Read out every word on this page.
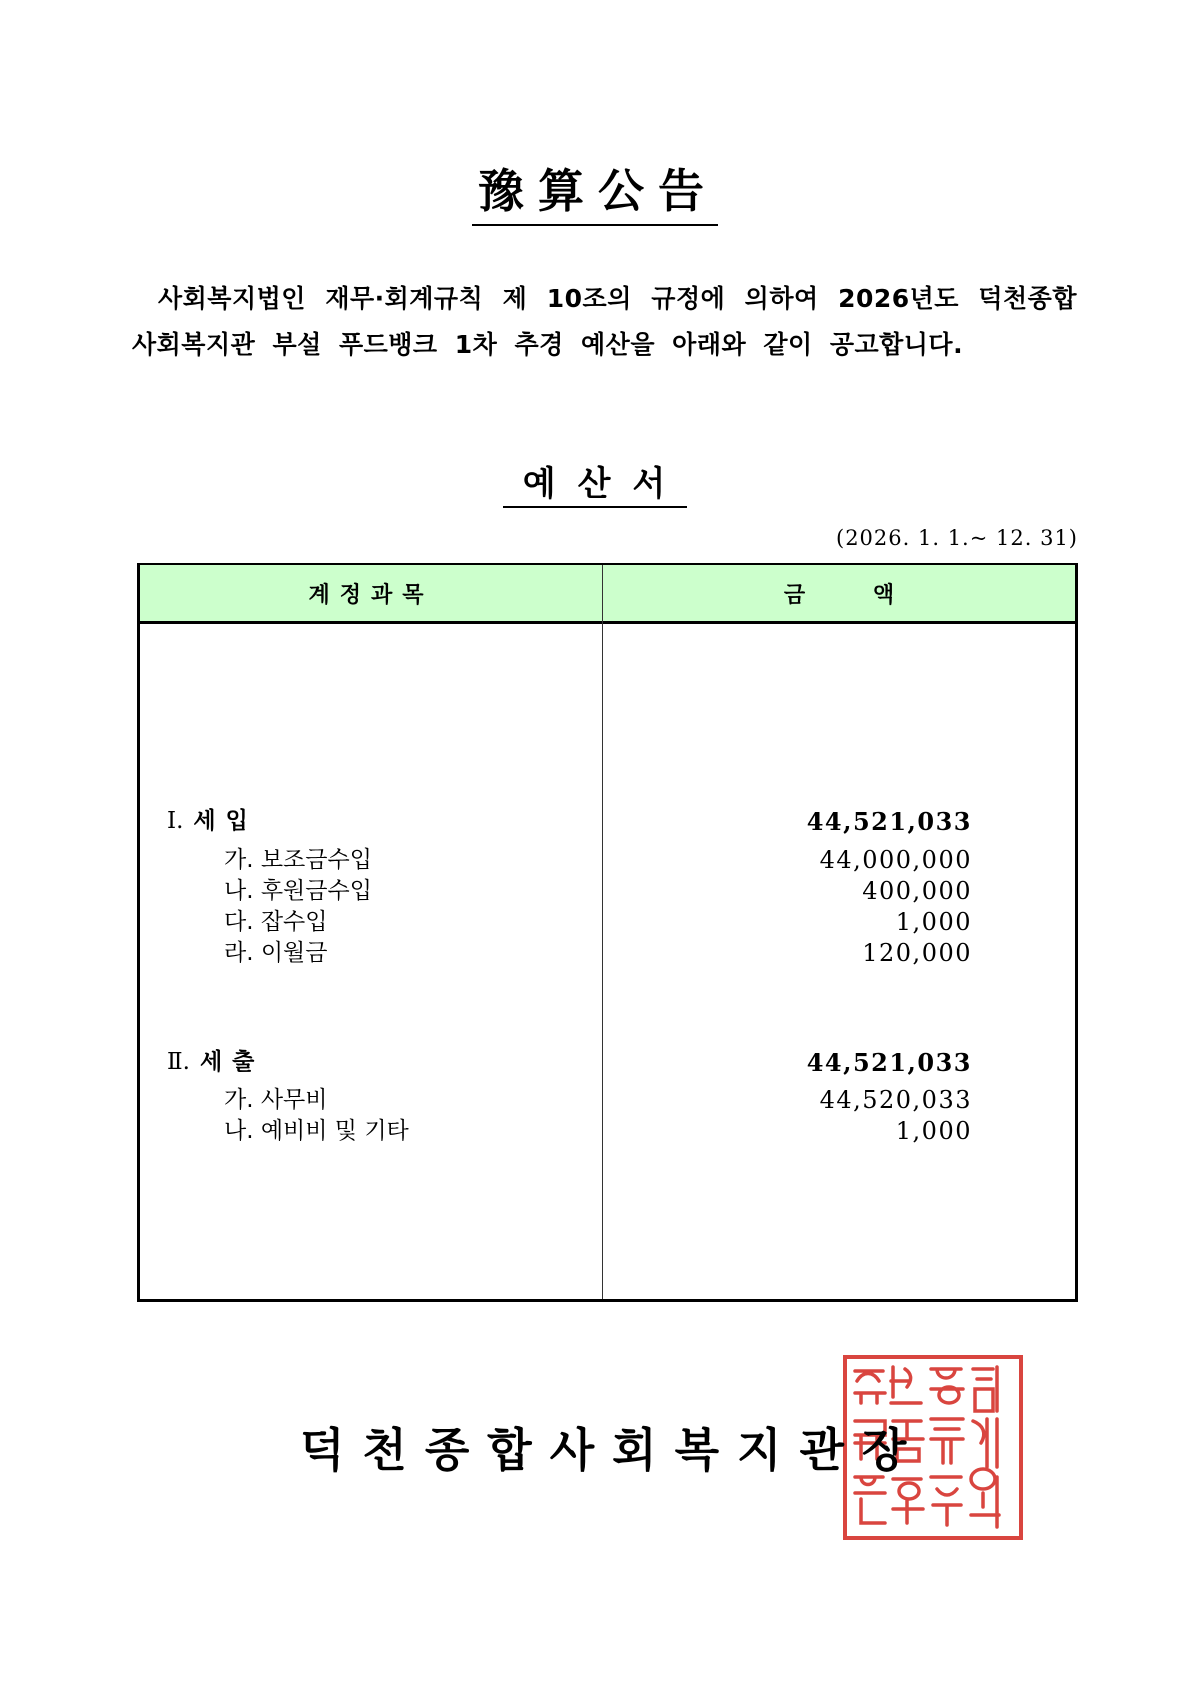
豫算公告
사회복지법인 재무·회계규칙 제 10조의 규정에 의하여 2026년도 덕천종합사회복지관 부설 푸드뱅크 1차 추경 예산을 아래와 같이 공고합니다.
예산서
(2026. 1. 1.~ 12. 31)
계정과목	금 액
Ⅰ. 세입	44,521,033
가. 보조금수입	44,000,000
나. 후원금수입	400,000
다. 잡수입	1,000
라. 이월금	120,000
Ⅱ. 세출	44,521,033
가. 사무비	44,520,033
나. 예비비 및 기타	1,000
덕천종합사회복지관장
